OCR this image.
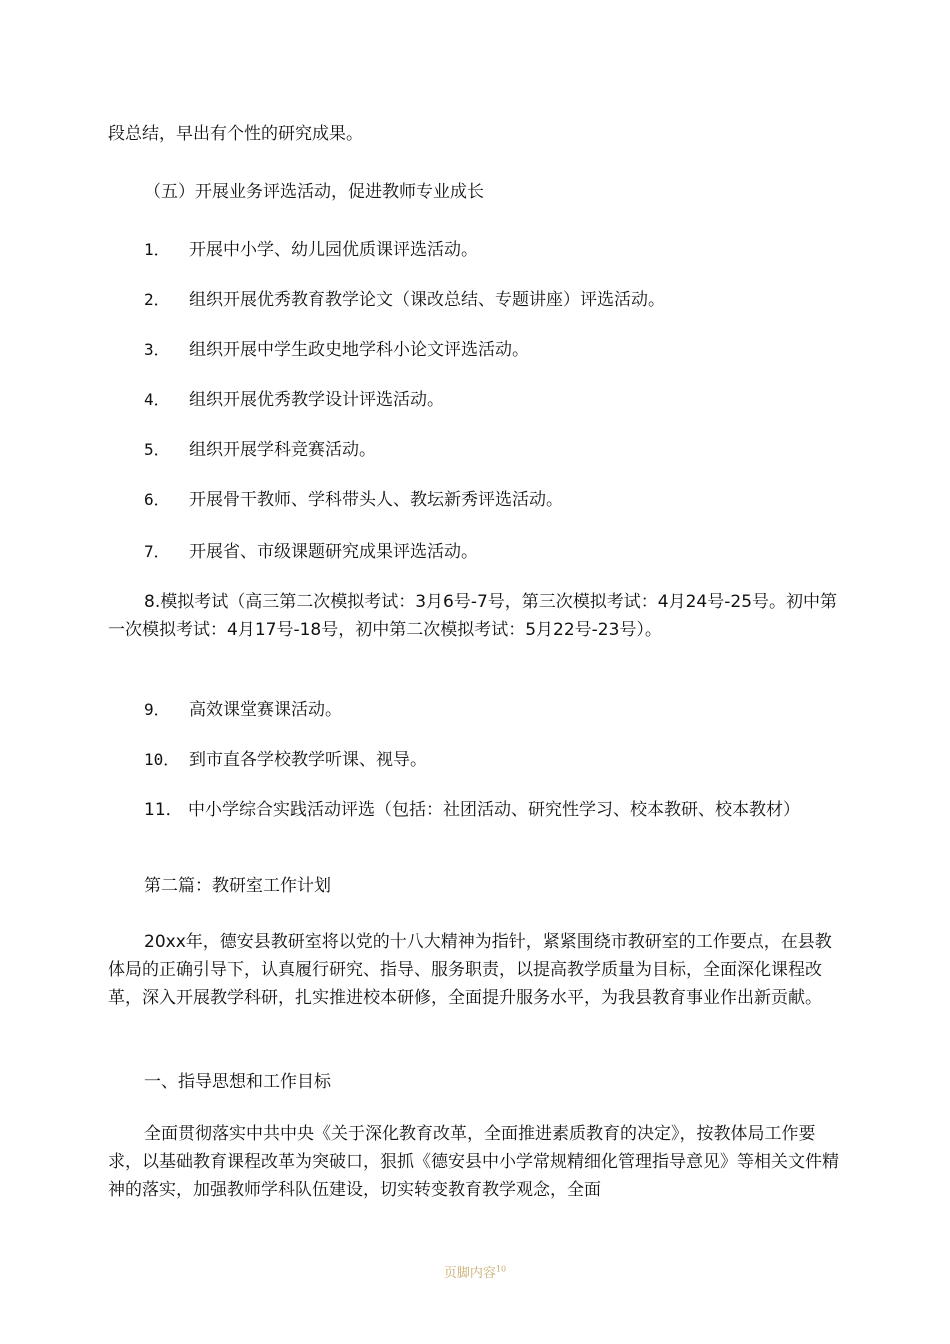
段总结，早出有个性的研究成果。

（五）开展业务评选活动，促进教师专业成长

1． 开展中小学、幼儿园优质课评选活动。

2． 组织开展优秀教育教学论文（课改总结、专题讲座）评选活动。

3． 组织开展中学生政史地学科小论文评选活动。

4． 组织开展优秀教学设计评选活动。

5． 组织开展学科竞赛活动。

6． 开展骨干教师、学科带头人、教坛新秀评选活动。

7． 开展省、市级课题研究成果评选活动。

8.模拟考试（高三第二次模拟考试：3月6号-7号，第三次模拟考试：4月24号-25号。初中第一次模拟考试：4月17号-18号，初中第二次模拟考试：5月22号-23号）。

9． 高效课堂赛课活动。

10． 到市直各学校教学听课、视导。

11． 中小学综合实践活动评选（包括：社团活动、研究性学习、校本教研、校本教材）

第二篇：教研室工作计划

20xx年，德安县教研室将以党的十八大精神为指针，紧紧围绕市教研室的工作要点，在县教体局的正确引导下，认真履行研究、指导、服务职责，以提高教学质量为目标，全面深化课程改革，深入开展教学科研，扎实推进校本研修，全面提升服务水平，为我县教育事业作出新贡献。

一、指导思想和工作目标

全面贯彻落实中共中央《关于深化教育改革，全面推进素质教育的决定》，按教体局工作要求，以基础教育课程改革为突破口，狠抓《德安县中小学常规精细化管理指导意见》等相关文件精神的落实，加强教师学科队伍建设，切实转变教育教学观念，全面

页脚内容$^{10}$
